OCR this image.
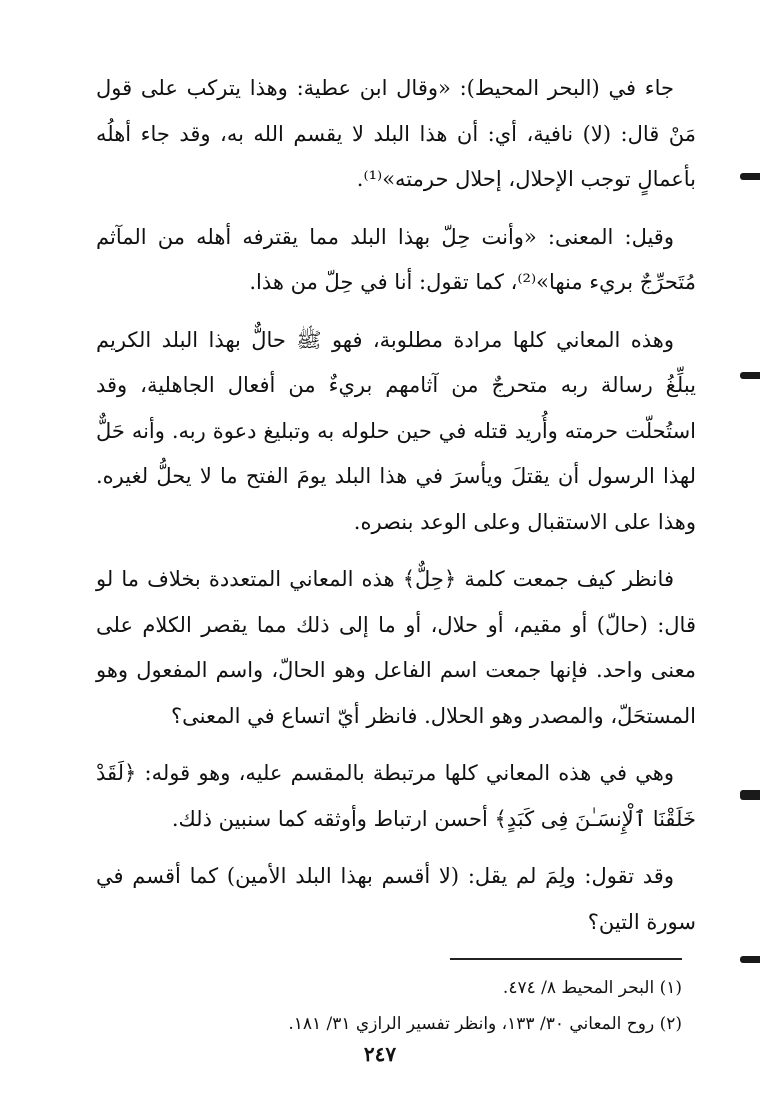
جاء في (البحر المحيط): «وقال ابن عطية: وهذا يتركب على قول مَنْ قال: (لا) نافية، أي: أن هذا البلد لا يقسم الله به، وقد جاء أهلُه بأعمالٍ توجب الإحلال، إحلال حرمته»⁽¹⁾.

وقيل: المعنى: «وأنت حِلّ بهذا البلد مما يقترفه أهله من المآثم مُتَحرِّجٌ بريء منها»⁽²⁾، كما تقول: أنا في حِلّ من هذا.

وهذه المعاني كلها مرادة مطلوبة، فهو ﷺ حالٌّ بهذا البلد الكريم يبلِّغُ رسالة ربه متحرجٌ من آثامهم بريءٌ من أفعال الجاهلية، وقد استُحلّت حرمته وأُريد قتله في حين حلوله به وتبليغ دعوة ربه. وأنه حَلٌّ لهذا الرسول أن يقتلَ ويأسرَ في هذا البلد يومَ الفتح ما لا يحلُّ لغيره. وهذا على الاستقبال وعلى الوعد بنصره.

فانظر كيف جمعت كلمة ﴿حِلٌّ﴾ هذه المعاني المتعددة بخلاف ما لو قال: (حالّ) أو مقيم، أو حلال، أو ما إلى ذلك مما يقصر الكلام على معنى واحد. فإنها جمعت اسم الفاعل وهو الحالّ، واسم المفعول وهو المستحَلّ، والمصدر وهو الحلال. فانظر أيّ اتساع في المعنى؟

وهي في هذه المعاني كلها مرتبطة بالمقسم عليه، وهو قوله: ﴿لَقَدْ خَلَقْنَا ٱلْإِنسَـٰنَ فِى كَبَدٍ﴾ أحسن ارتباط وأوثقه كما سنبين ذلك.

وقد تقول: ولِمَ لم يقل: (لا أقسم بهذا البلد الأمين) كما أقسم في سورة التين؟

(١) البحر المحيط ٨/ ٤٧٤.

(٢) روح المعاني ٣٠/ ١٣٣، وانظر تفسير الرازي ٣١/ ١٨١.

٢٤٧
